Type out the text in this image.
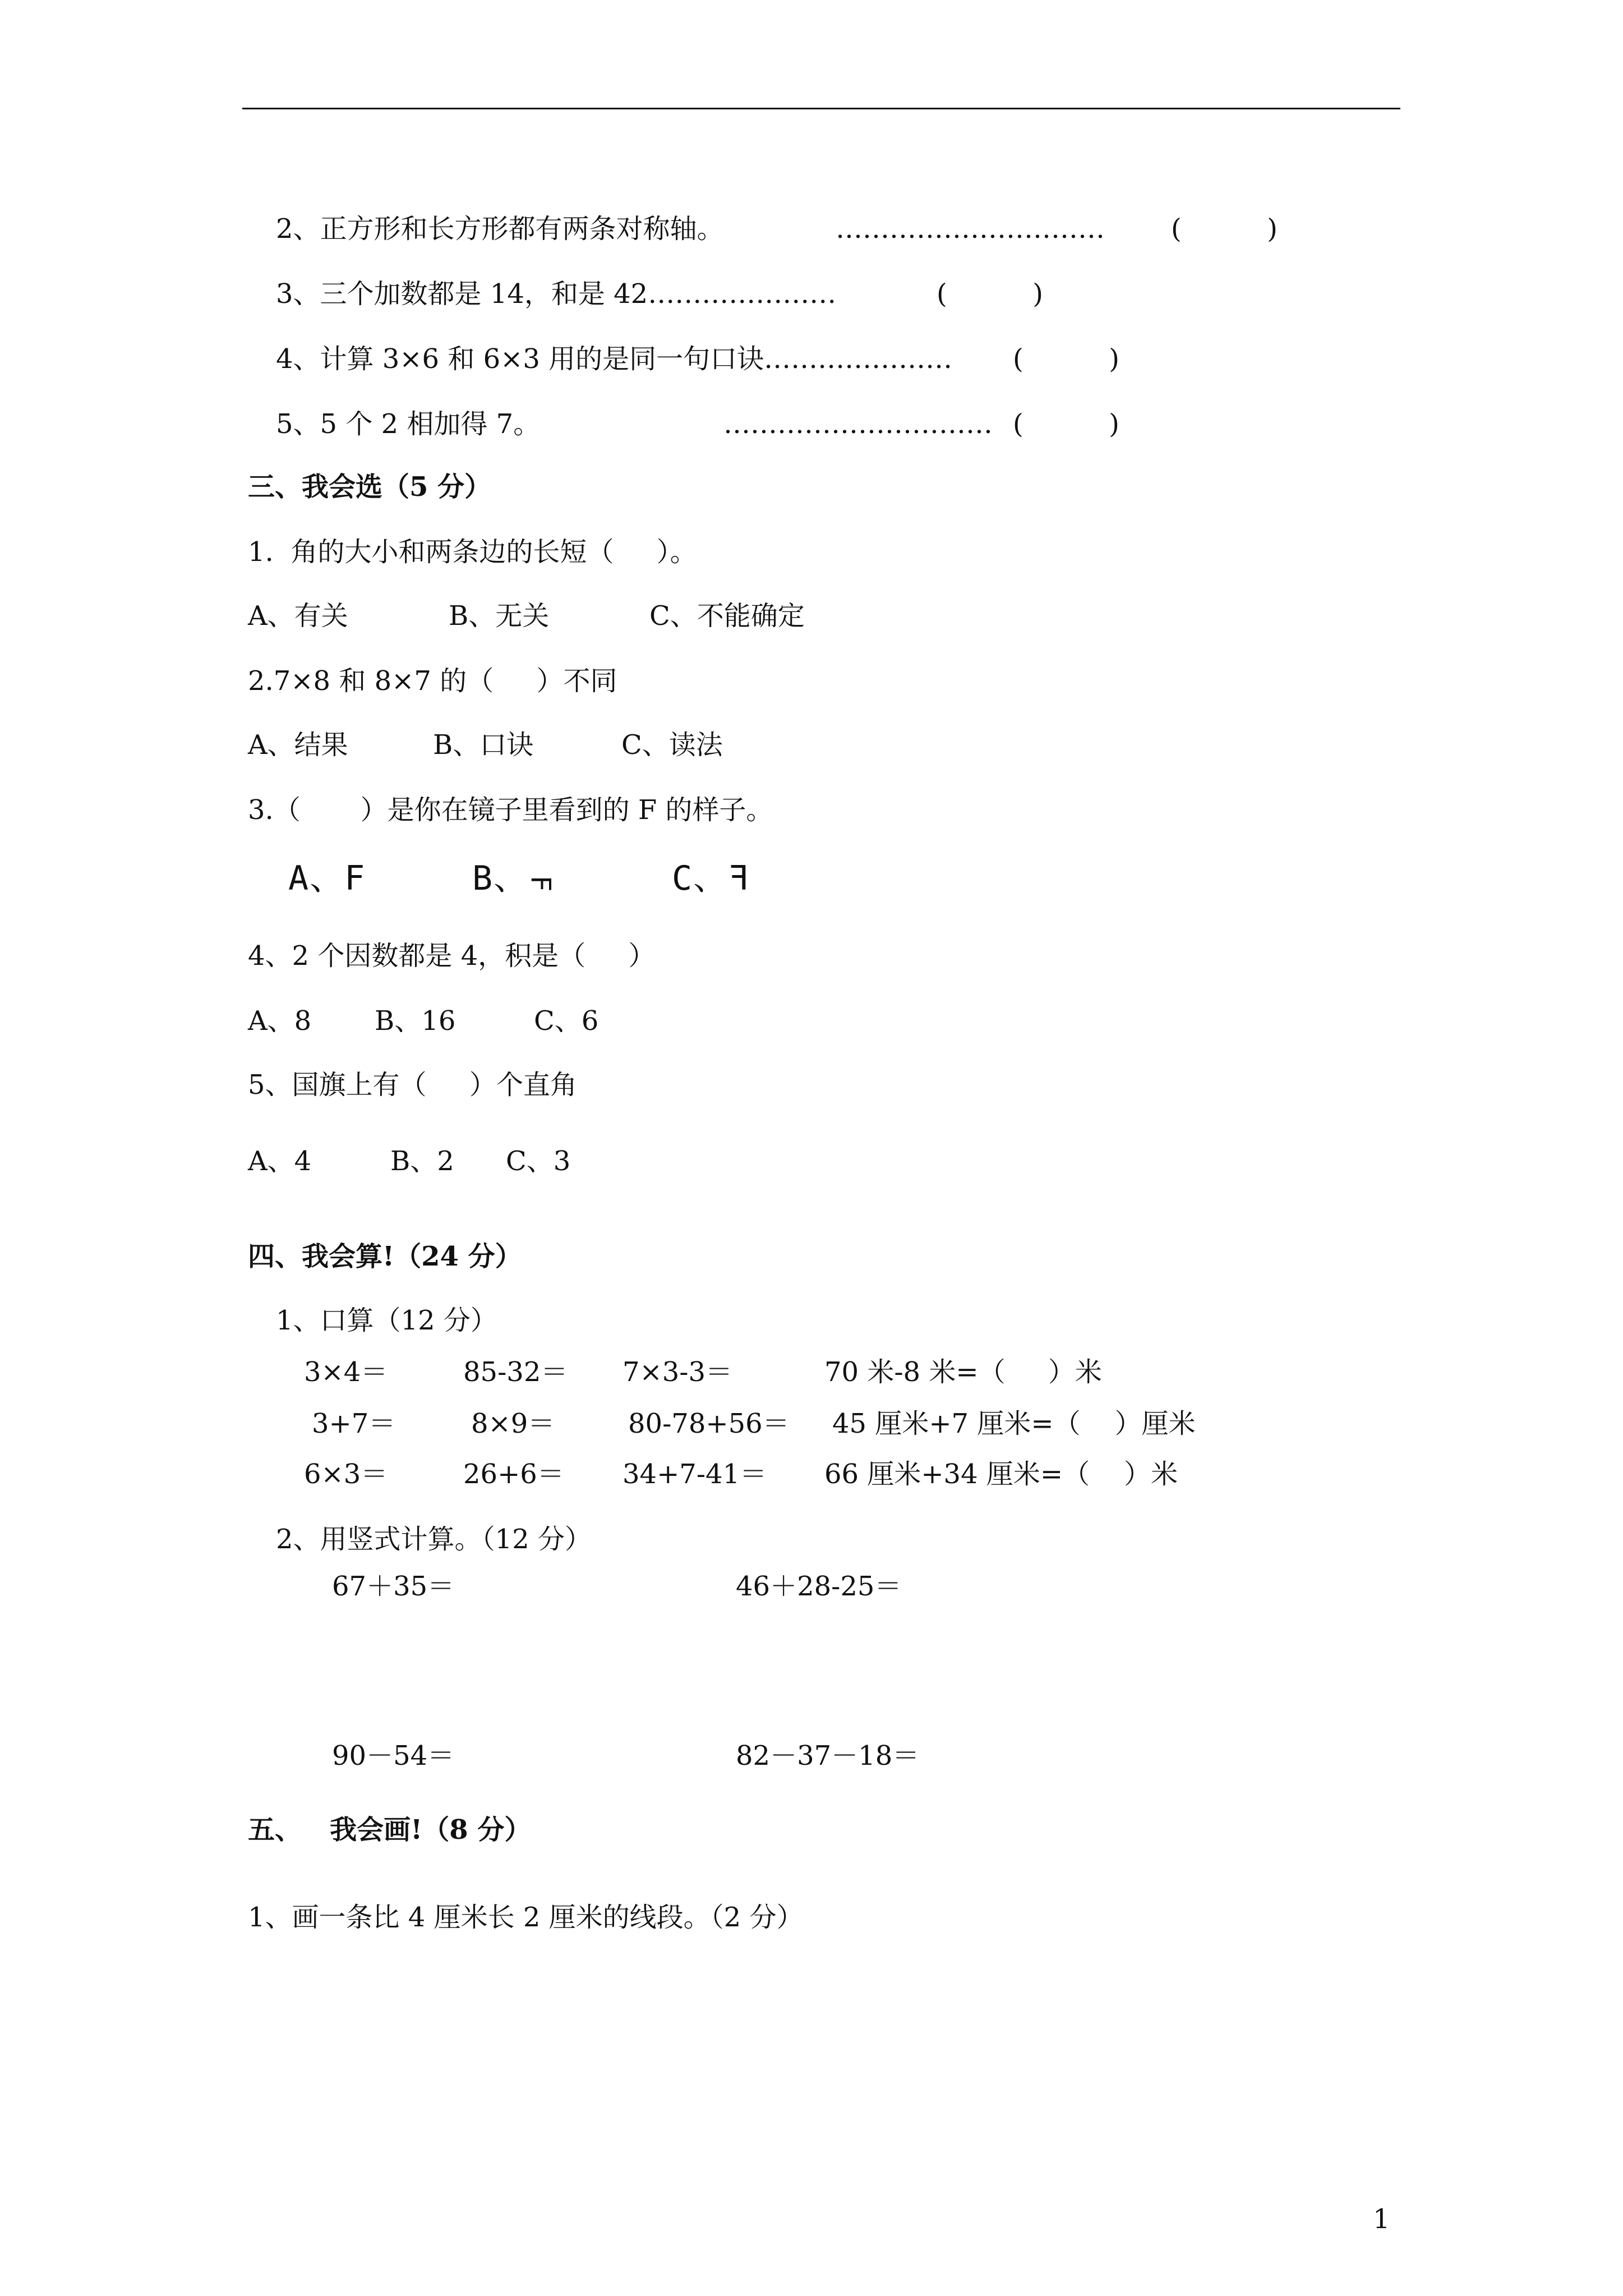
2、正方形和长方形都有两条对称轴。	………………………… (          )
3、三个加数都是 14，和是 42…………………	(          )
4、计算 3×6 和 6×3 用的是同一句口诀………………… (          )
5、5 个 2 相加得 7。	………………………… (          )
三、我会选（5 分）
1.  角的大小和两条边的长短（     ）。
A、有关	B、无关	C、不能确定
2.7×8 和 8×7 的（     ）不同
A、结果	B、口诀	C、读法
3.（       ）是你在镜子里看到的 F 的样子。
A、F	B、F	C、F
4、2 个因数都是 4，积是（     ）
A、8 B、16	C、6
5、国旗上有（     ）个直角
A、4	B、2 C、3
四、我会算!（24 分）
1、口算（12 分）
3×4＝	85-32＝ 7×3-3＝	70 米-8 米=（     ）米
3+7＝	8×9＝	80-78+56＝ 45 厘米+7 厘米=（    ）厘米
6×3＝	26+6＝ 34+7-41＝ 66 厘米+34 厘米=（    ）米
2、用竖式计算。（12 分）
67＋35＝	46＋28-25＝
90－54＝	82－37－18＝
五、   我会画!（8 分）
1、画一条比 4 厘米长 2 厘米的线段。（2 分）
1
